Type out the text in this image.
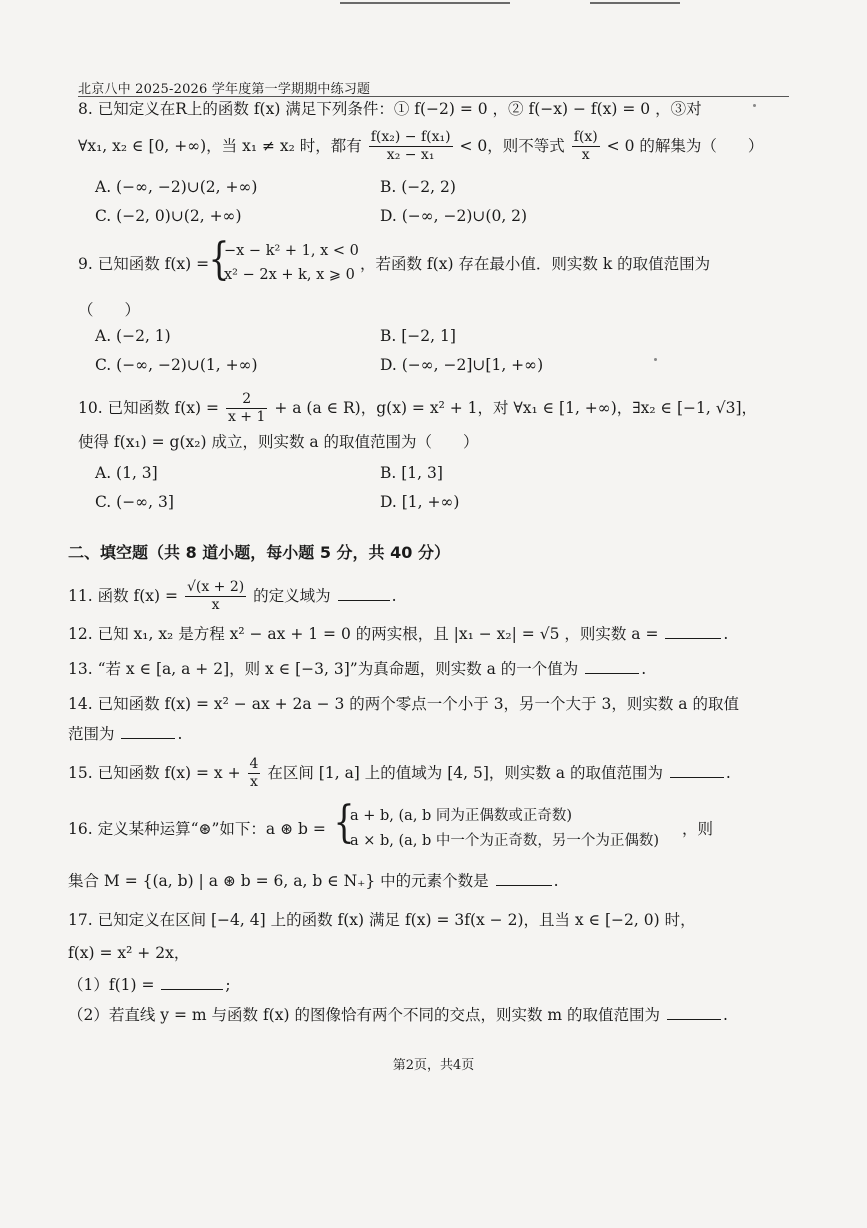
北京八中 2025-2026 学年度第一学期期中练习题
8. 已知定义在R上的函数 f(x) 满足下列条件：① f(−2) = 0 ，② f(−x) − f(x) = 0 ，③对
∀x₁, x₂ ∈ [0, +∞)，当 x₁ ≠ x₂ 时，都有 $\frac{\text{f(x₂) − f(x₁)}}{\text{x₂ − x₁}} < 0$，则不等式 $\frac{f(x)}{x} < 0$ 的解集为（　　）
A. (−∞, −2)∪(2, +∞)	B. (−2, 2)
C. (−2, 0)∪(2, +∞)	D. (−∞, −2)∪(0, 2)
9. 已知函数 f(x) = {
−x − k² + 1, x < 0
x² − 2x + k, x ⩾ 0
，若函数 f(x) 存在最小值．则实数 k 的取值范围为
（　　）
A. (−2, 1)	B. [−2, 1]
C. (−∞, −2)∪(1, +∞)	D. (−∞, −2]∪[1, +∞)
10. 已知函数 $f(x) = \frac{2}{x + 1} + a$ (a ∈ R)，g(x) = x² + 1，对 ∀x₁ ∈ [1, +∞)，∃x₂ ∈ [−1, √3]，
使得 f(x₁) = g(x₂) 成立，则实数 a 的取值范围为（　　）
A. (1, 3]	B. [1, 3]
C. (−∞, 3]	D. [1, +∞)
二、填空题（共 8 道小题，每小题 5 分，共 40 分）
11. 函数 $f(x) = \frac{√(x + 2)}{x}$ 的定义域为	.
12. 已知 x₁, x₂ 是方程 x² − ax + 1 = 0 的两实根，且 |x₁ − x₂| = √5 ，则实数 a =	.
13. “若 x ∈ [a, a + 2]，则 x ∈ [−3, 3]”为真命题，则实数 a 的一个值为	.
14. 已知函数 f(x) = x² − ax + 2a − 3 的两个零点一个小于 3，另一个大于 3，则实数 a 的取值
范围为	.
15. 已知函数 $f(x) = x + \frac{4}{x}$ 在区间 [1, a] 上的值域为 [4, 5]，则实数 a 的取值范围为	.
16. 定义某种运算“⊛”如下：a ⊛ b = {
a + b, (a, b 同为正偶数或正奇数)
a × b, (a, b 中一个为正奇数，另一个为正偶数)
，则
集合 M = {(a, b) | a ⊛ b = 6, a, b ∈ N₊} 中的元素个数是	.
17. 已知定义在区间 [−4, 4] 上的函数 f(x) 满足 f(x) = 3f(x − 2)，且当 x ∈ [−2, 0) 时，
f(x) = x² + 2x，
（1）f(1) =	;
（2）若直线 y = m 与函数 f(x) 的图像恰有两个不同的交点，则实数 m 的取值范围为	.
第2页，共4页
